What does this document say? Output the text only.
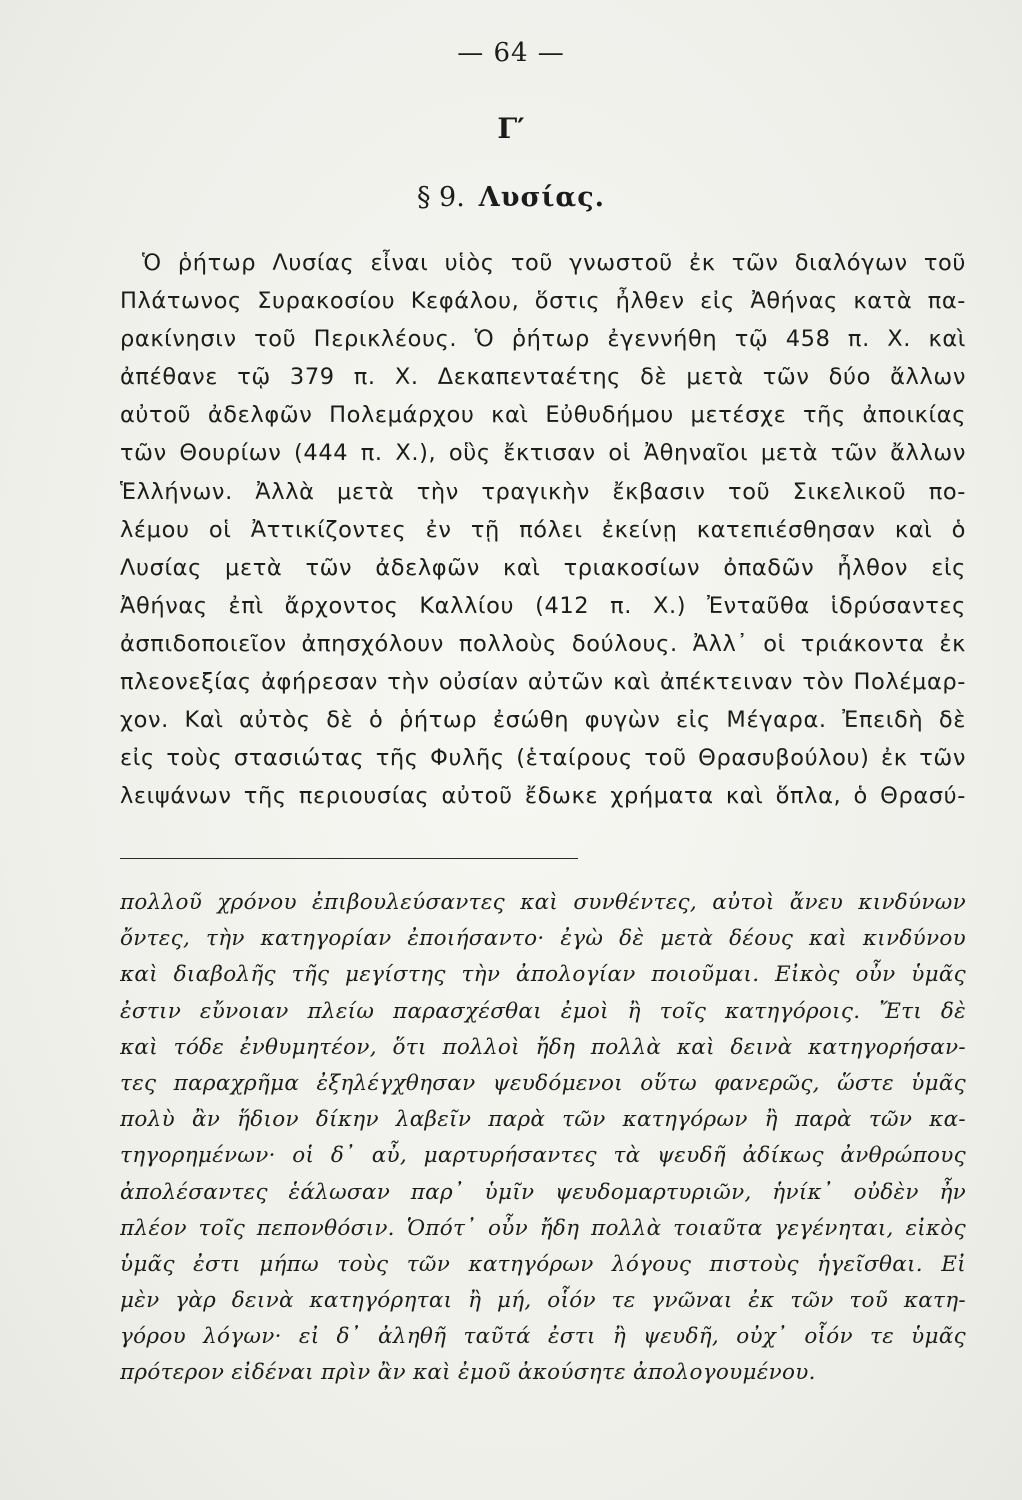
— 64 —
Γ′
§ 9. Λυσίας.
Ὁ ῥήτωρ Λυσίας εἶναι υἱὸς τοῦ γνωστοῦ ἐκ τῶν διαλόγων τοῦ
Πλάτωνος Συρακοσίου Κεφάλου, ὅστις ἦλθεν εἰς Ἀθήνας κατὰ πα-
ρακίνησιν τοῦ Περικλέους. Ὁ ῥήτωρ ἐγεννήθη τῷ 458 π. Χ. καὶ
ἀπέθανε τῷ 379 π. Χ. Δεκαπενταέτης δὲ μετὰ τῶν δύο ἄλλων
αὐτοῦ ἀδελφῶν Πολεμάρχου καὶ Εὐθυδήμου μετέσχε τῆς ἀποικίας
τῶν Θουρίων (444 π. Χ.), οὓς ἔκτισαν οἱ Ἀθηναῖοι μετὰ τῶν ἄλλων
Ἑλλήνων. Ἀλλὰ μετὰ τὴν τραγικὴν ἔκβασιν τοῦ Σικελικοῦ πο-
λέμου οἱ Ἀττικίζοντες ἐν τῇ πόλει ἐκείνῃ κατεπιέσθησαν καὶ ὁ
Λυσίας μετὰ τῶν ἀδελφῶν καὶ τριακοσίων ὀπαδῶν ἦλθον εἰς
Ἀθήνας ἐπὶ ἄρχοντος Καλλίου (412 π. Χ.) Ἐνταῦθα ἱδρύσαντες
ἀσπιδοποιεῖον ἀπησχόλουν πολλοὺς δούλους. Ἀλλ᾽ οἱ τριάκοντα ἐκ
πλεονεξίας ἀφήρεσαν τὴν οὐσίαν αὐτῶν καὶ ἀπέκτειναν τὸν Πολέμαρ-
χον. Καὶ αὐτὸς δὲ ὁ ῥήτωρ ἐσώθη φυγὼν εἰς Μέγαρα. Ἐπειδὴ δὲ
εἰς τοὺς στασιώτας τῆς Φυλῆς (ἑταίρους τοῦ Θρασυβούλου) ἐκ τῶν
λειψάνων τῆς περιουσίας αὐτοῦ ἔδωκε χρήματα καὶ ὅπλα, ὁ Θρασύ-
πολλοῦ χρόνου ἐπιβουλεύσαντες καὶ συνθέντες, αὐτοὶ ἄνευ κινδύνων
ὄντες, τὴν κατηγορίαν ἐποιήσαντο· ἐγὼ δὲ μετὰ δέους καὶ κινδύνου
καὶ διαβολῆς τῆς μεγίστης τὴν ἀπολογίαν ποιοῦμαι. Εἰκὸς οὖν ὑμᾶς
ἐστιν εὔνοιαν πλείω παρασχέσθαι ἐμοὶ ἢ τοῖς κατηγόροις. Ἔτι δὲ
καὶ τόδε ἐνθυμητέον, ὅτι πολλοὶ ἤδη πολλὰ καὶ δεινὰ κατηγορήσαν-
τες παραχρῆμα ἐξηλέγχθησαν ψευδόμενοι οὕτω φανερῶς, ὥστε ὑμᾶς
πολὺ ἂν ἥδιον δίκην λαβεῖν παρὰ τῶν κατηγόρων ἢ παρὰ τῶν κα-
τηγορημένων· οἱ δ᾽ αὖ, μαρτυρήσαντες τὰ ψευδῆ ἀδίκως ἀνθρώπους
ἀπολέσαντες ἑάλωσαν παρ᾽ ὑμῖν ψευδομαρτυριῶν, ἡνίκ᾽ οὐδὲν ἦν
πλέον τοῖς πεπονθόσιν. Ὁπότ᾽ οὖν ἤδη πολλὰ τοιαῦτα γεγένηται, εἰκὸς
ὑμᾶς ἐστι μήπω τοὺς τῶν κατηγόρων λόγους πιστοὺς ἡγεῖσθαι. Εἰ
μὲν γὰρ δεινὰ κατηγόρηται ἢ μή, οἷόν τε γνῶναι ἐκ τῶν τοῦ κατη-
γόρου λόγων· εἰ δ᾽ ἀληθῆ ταῦτά ἐστι ἢ ψευδῆ, οὐχ᾽ οἷόν τε ὑμᾶς
πρότερον εἰδέναι πρὶν ἂν καὶ ἐμοῦ ἀκούσητε ἀπολογουμένου.
